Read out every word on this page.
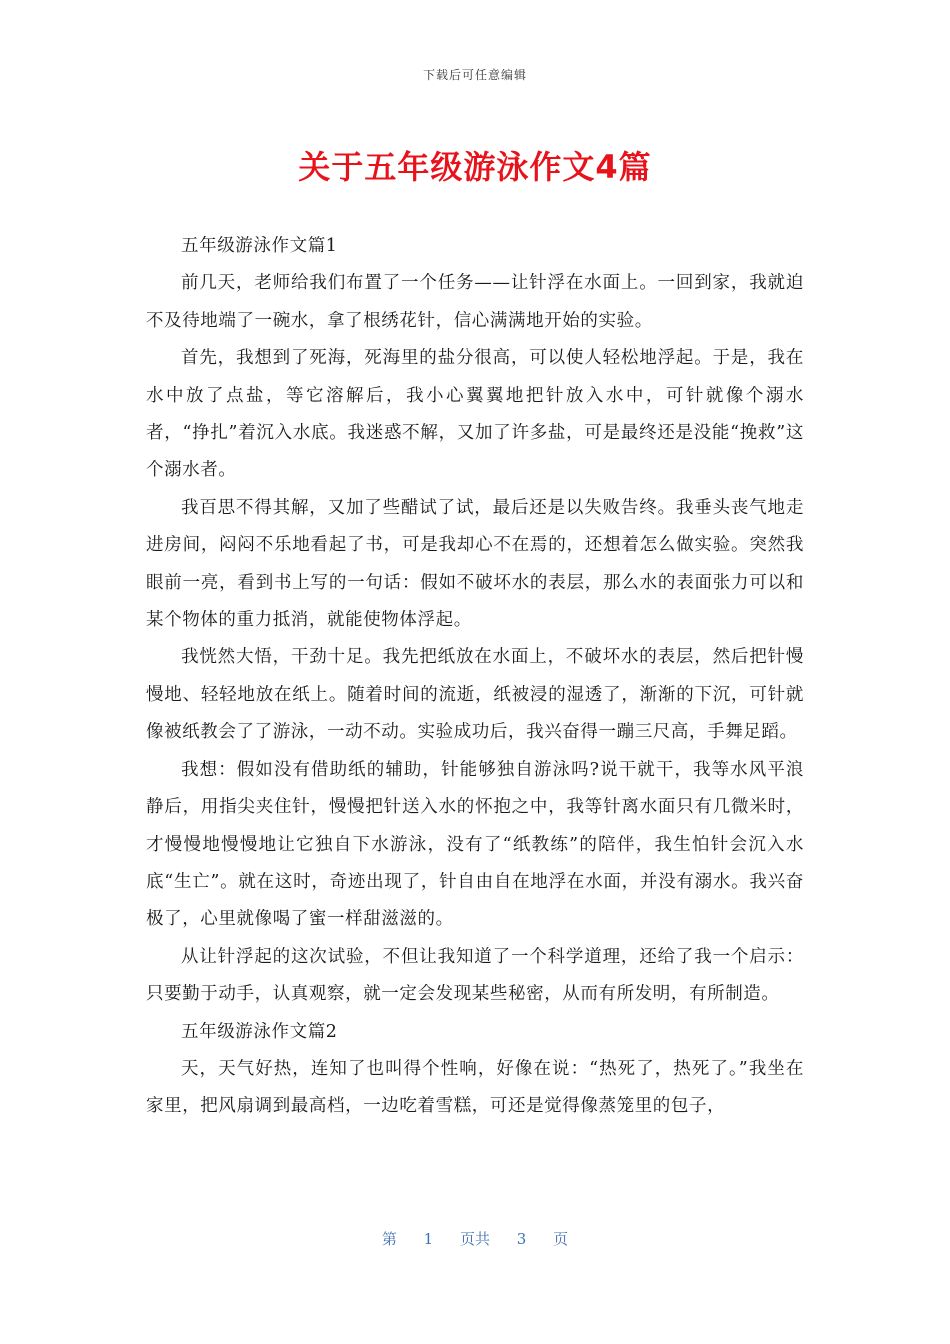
下载后可任意编辑
关于五年级游泳作文4篇

五年级游泳作文篇1

前几天，老师给我们布置了一个任务——让针浮在水面上。一回到家，我就迫不及待地端了一碗水，拿了根绣花针，信心满满地开始的实验。

首先，我想到了死海，死海里的盐分很高，可以使人轻松地浮起。于是，我在水中放了点盐，等它溶解后，我小心翼翼地把针放入水中，可针就像个溺水者，“挣扎”着沉入水底。我迷惑不解，又加了许多盐，可是最终还是没能“挽救”这个溺水者。

我百思不得其解，又加了些醋试了试，最后还是以失败告终。我垂头丧气地走进房间，闷闷不乐地看起了书，可是我却心不在焉的，还想着怎么做实验。突然我眼前一亮，看到书上写的一句话：假如不破坏水的表层，那么水的表面张力可以和某个物体的重力抵消，就能使物体浮起。

我恍然大悟，干劲十足。我先把纸放在水面上，不破坏水的表层，然后把针慢慢地、轻轻地放在纸上。随着时间的流逝，纸被浸的湿透了，渐渐的下沉，可针就像被纸教会了了游泳，一动不动。实验成功后，我兴奋得一蹦三尺高，手舞足蹈。

我想：假如没有借助纸的辅助，针能够独自游泳吗?说干就干，我等水风平浪静后，用指尖夹住针，慢慢把针送入水的怀抱之中，我等针离水面只有几微米时，才慢慢地慢慢地让它独自下水游泳，没有了“纸教练”的陪伴，我生怕针会沉入水底“生亡”。就在这时，奇迹出现了，针自由自在地浮在水面，并没有溺水。我兴奋极了，心里就像喝了蜜一样甜滋滋的。

从让针浮起的这次试验，不但让我知道了一个科学道理，还给了我一个启示：只要勤于动手，认真观察，就一定会发现某些秘密，从而有所发明，有所制造。

五年级游泳作文篇2

天，天气好热，连知了也叫得个性响，好像在说：“热死了，热死了。”我坐在家里，把风扇调到最高档，一边吃着雪糕，可还是觉得像蒸笼里的包子，

第 1 页共 3 页
